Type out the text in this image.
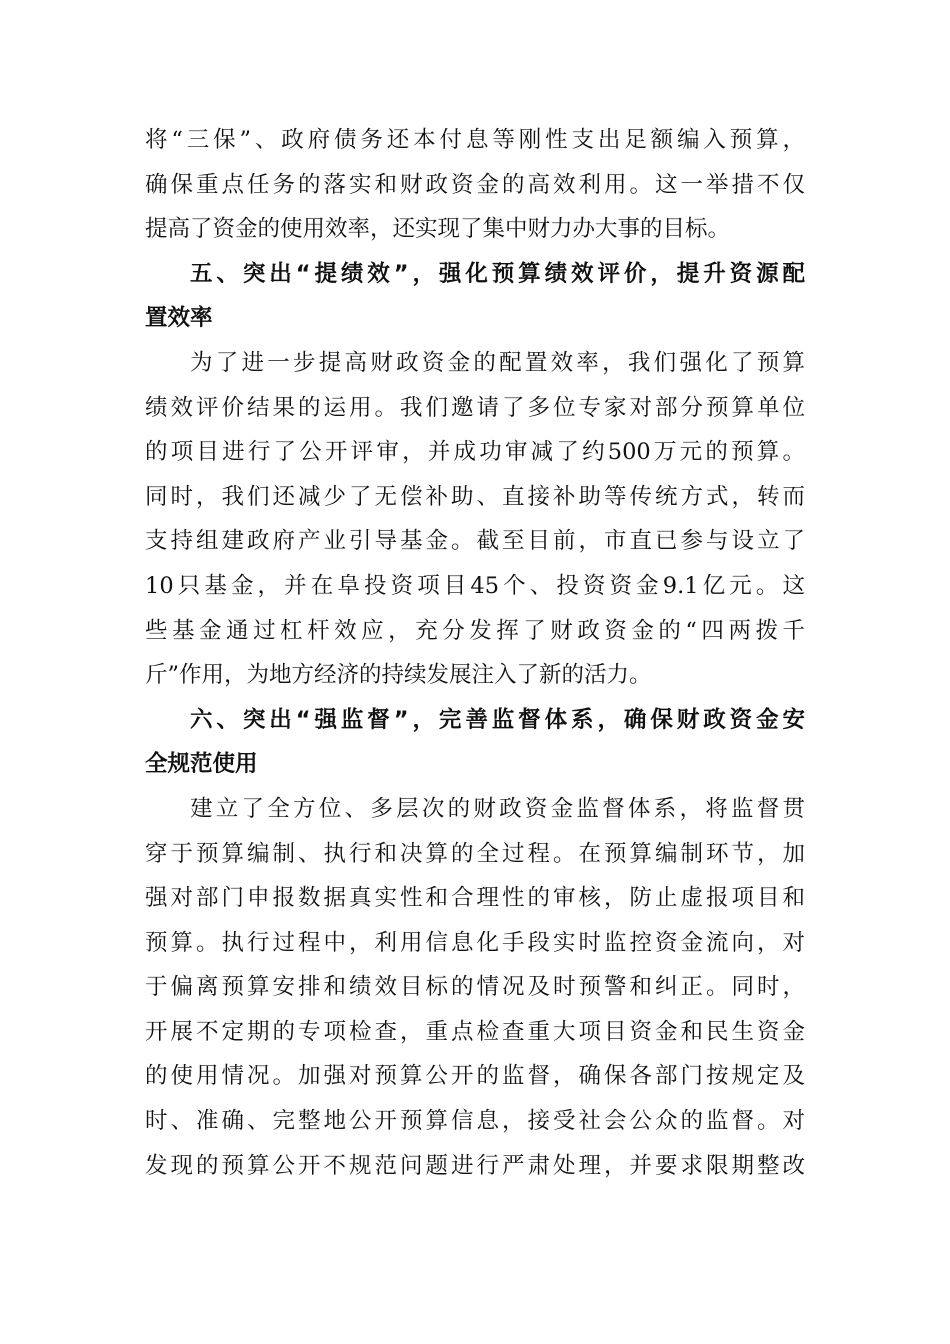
将“三保”、政府债务还本付息等刚性支出足额编入预算，
确保重点任务的落实和财政资金的高效利用。这一举措不仅
提高了资金的使用效率，还实现了集中财力办大事的目标。
五、突出“提绩效”，强化预算绩效评价，提升资源配
置效率
为了进一步提高财政资金的配置效率，我们强化了预算
绩效评价结果的运用。我们邀请了多位专家对部分预算单位
的项目进行了公开评审，并成功审减了约500万元的预算。
同时，我们还减少了无偿补助、直接补助等传统方式，转而
支持组建政府产业引导基金。截至目前，市直已参与设立了
10只基金，并在阜投资项目45个、投资资金9.1亿元。这
些基金通过杠杆效应，充分发挥了财政资金的“四两拨千
斤”作用，为地方经济的持续发展注入了新的活力。
六、突出“强监督”，完善监督体系，确保财政资金安
全规范使用
建立了全方位、多层次的财政资金监督体系，将监督贯
穿于预算编制、执行和决算的全过程。在预算编制环节，加
强对部门申报数据真实性和合理性的审核，防止虚报项目和
预算。执行过程中，利用信息化手段实时监控资金流向，对
于偏离预算安排和绩效目标的情况及时预警和纠正。同时，
开展不定期的专项检查，重点检查重大项目资金和民生资金
的使用情况。加强对预算公开的监督，确保各部门按规定及
时、准确、完整地公开预算信息，接受社会公众的监督。对
发现的预算公开不规范问题进行严肃处理，并要求限期整改
